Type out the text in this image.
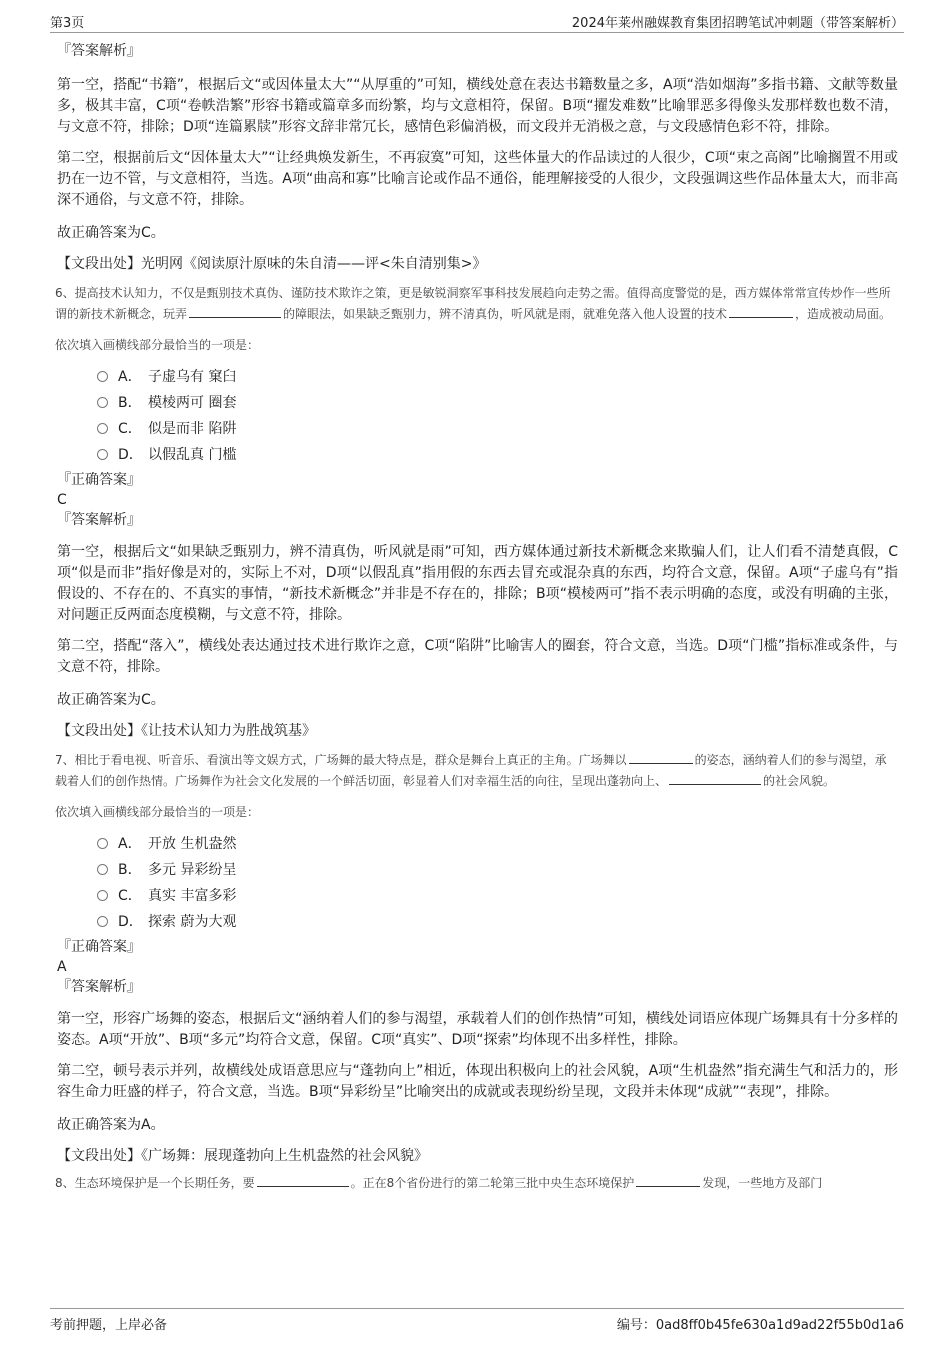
第3页	2024年莱州融媒教育集团招聘笔试冲刺题（带答案解析）

『答案解析』

第一空，搭配“书籍”，根据后文“或因体量太大”“从厚重的”可知，横线处意在表达书籍数量之多，A项“浩如烟海”多指书籍、文献等数量多，极其丰富，C项“卷帙浩繁”形容书籍或篇章多而纷繁，均与文意相符，保留。B项“擢发难数”比喻罪恶多得像头发那样数也数不清，与文意不符，排除；D项“连篇累牍”形容文辞非常冗长，感情色彩偏消极，而文段并无消极之意，与文段感情色彩不符，排除。

第二空，根据前后文“因体量太大”“让经典焕发新生，不再寂寞”可知，这些体量大的作品读过的人很少，C项“束之高阁”比喻搁置不用或扔在一边不管，与文意相符，当选。A项“曲高和寡”比喻言论或作品不通俗，能理解接受的人很少，文段强调这些作品体量太大，而非高深不通俗，与文意不符，排除。

故正确答案为C。

【文段出处】光明网《阅读原汁原味的朱自清——评<朱自清别集>》

6、提高技术认知力，不仅是甄别技术真伪、谨防技术欺诈之策，更是敏锐洞察军事科技发展趋向走势之需。值得高度警觉的是，西方媒体常常宣传炒作一些所谓的新技术新概念，玩弄	的障眼法，如果缺乏甄别力，辨不清真伪，听风就是雨，就难免落入他人设置的技术	，造成被动局面。

依次填入画横线部分最恰当的一项是：

A． 子虚乌有 窠臼
B． 模棱两可 圈套
C． 似是而非 陷阱
D． 以假乱真 门槛

『正确答案』

C

『答案解析』

第一空，根据后文“如果缺乏甄别力，辨不清真伪，听风就是雨”可知，西方媒体通过新技术新概念来欺骗人们，让人们看不清楚真假，C项“似是而非”指好像是对的，实际上不对，D项“以假乱真”指用假的东西去冒充或混杂真的东西，均符合文意，保留。A项“子虚乌有”指假设的、不存在的、不真实的事情，“新技术新概念”并非是不存在的，排除；B项“模棱两可”指不表示明确的态度，或没有明确的主张，对问题正反两面态度模糊，与文意不符，排除。

第二空，搭配“落入”，横线处表达通过技术进行欺诈之意，C项“陷阱”比喻害人的圈套，符合文意，当选。D项“门槛”指标准或条件，与文意不符，排除。

故正确答案为C。

【文段出处】《让技术认知力为胜战筑基》

7、相比于看电视、听音乐、看演出等文娱方式，广场舞的最大特点是，群众是舞台上真正的主角。广场舞以	的姿态，涵纳着人们的参与渴望，承载着人们的创作热情。广场舞作为社会文化发展的一个鲜活切面，彰显着人们对幸福生活的向往，呈现出蓬勃向上、	的社会风貌。

依次填入画横线部分最恰当的一项是：

A． 开放 生机盎然
B． 多元 异彩纷呈
C． 真实 丰富多彩
D． 探索 蔚为大观

『正确答案』

A

『答案解析』

第一空，形容广场舞的姿态，根据后文“涵纳着人们的参与渴望，承载着人们的创作热情”可知，横线处词语应体现广场舞具有十分多样的姿态。A项“开放”、B项“多元”均符合文意，保留。C项“真实”、D项“探索”均体现不出多样性，排除。

第二空，顿号表示并列，故横线处成语意思应与“蓬勃向上”相近，体现出积极向上的社会风貌，A项“生机盎然”指充满生气和活力的，形容生命力旺盛的样子，符合文意，当选。B项“异彩纷呈”比喻突出的成就或表现纷纷呈现，文段并未体现“成就”“表现”，排除。

故正确答案为A。

【文段出处】《广场舞：展现蓬勃向上生机盎然的社会风貌》

8、生态环境保护是一个长期任务，要	。正在8个省份进行的第二轮第三批中央生态环境保护	发现，一些地方及部门

考前押题，上岸必备	编号：0ad8ff0b45fe630a1d9ad22f55b0d1a6
